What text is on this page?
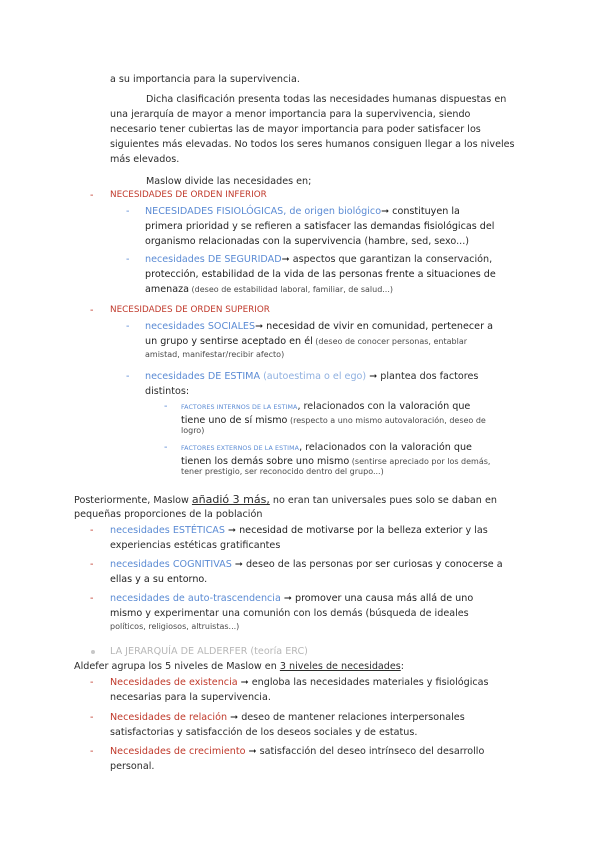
a su importancia para la supervivencia.

Dicha clasificación presenta todas las necesidades humanas dispuestas en

una jerarquía de mayor a menor importancia para la supervivencia, siendo

necesario tener cubiertas las de mayor importancia para poder satisfacer los

siguientes más elevadas. No todos los seres humanos consiguen llegar a los niveles

más elevados.

Maslow divide las necesidades en;

- NECESIDADES DE ORDEN INFERIOR

- NECESIDADES FISIOLÓGICAS, de origen biológico➞ constituyen la

primera prioridad y se refieren a satisfacer las demandas fisiológicas del

organismo relacionadas con la supervivencia (hambre, sed, sexo...)

- necesidades DE SEGURIDAD➞ aspectos que garantizan la conservación,

protección, estabilidad de la vida de las personas frente a situaciones de

amenaza (deseo de estabilidad laboral, familiar, de salud...)

- NECESIDADES DE ORDEN SUPERIOR

- necesidades SOCIALES➞ necesidad de vivir en comunidad, pertenecer a

un grupo y sentirse aceptado en él (deseo de conocer personas, entablar

amistad, manifestar/recibir afecto)

- necesidades DE ESTIMA (autoestima o el ego) ➞ plantea dos factores

distintos:

- FACTORES INTERNOS DE LA ESTIMA, relacionados con la valoración que

tiene uno de sí mismo (respecto a uno mismo autovaloración, deseo de

logro)

- FACTORES EXTERNOS DE LA ESTIMA, relacionados con la valoración que

tienen los demás sobre uno mismo (sentirse apreciado por los demás,

tener prestigio, ser reconocido dentro del grupo...)

Posteriormente, Maslow añadió 3 más, no eran tan universales pues solo se daban en

pequeñas proporciones de la población

- necesidades ESTÉTICAS ➞ necesidad de motivarse por la belleza exterior y las

experiencias estéticas gratificantes

- necesidades COGNITIVAS ➞ deseo de las personas por ser curiosas y conocerse a

ellas y a su entorno.

- necesidades de auto-trascendencia ➞ promover una causa más allá de uno

mismo y experimentar una comunión con los demás (búsqueda de ideales

políticos, religiosos, altruistas...)

LA JERARQUÍA DE ALDERFER (teoría ERC)

Aldefer agrupa los 5 niveles de Maslow en 3 niveles de necesidades:

- Necesidades de existencia ➞ engloba las necesidades materiales y fisiológicas

necesarias para la supervivencia.

- Necesidades de relación ➞ deseo de mantener relaciones interpersonales

satisfactorias y satisfacción de los deseos sociales y de estatus.

- Necesidades de crecimiento ➞ satisfacción del deseo intrínseco del desarrollo

personal.
